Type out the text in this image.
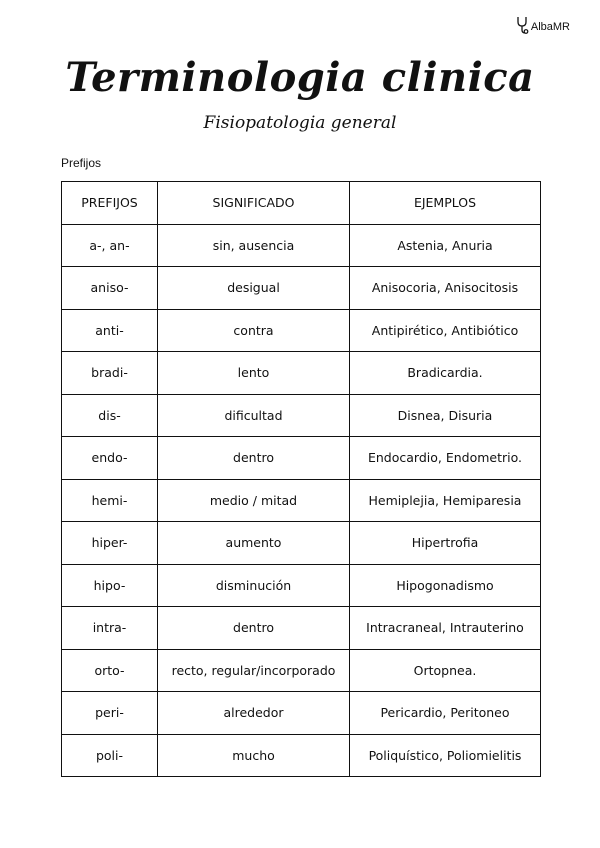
AlbaMR
Terminologia clinica
Fisiopatologia general
Prefijos
PREFIJOS	SIGNIFICADO	EJEMPLOS
a-, an-	sin, ausencia	Astenia, Anuria
aniso-	desigual	Anisocoria, Anisocitosis
anti-	contra	Antipirético, Antibiótico
bradi-	lento	Bradicardia.
dis-	dificultad	Disnea, Disuria
endo-	dentro	Endocardio, Endometrio.
hemi-	medio / mitad	Hemiplejia, Hemiparesia
hiper-	aumento	Hipertrofia
hipo-	disminución	Hipogonadismo
intra-	dentro	Intracraneal, Intrauterino
orto-	recto, regular/incorporado	Ortopnea.
peri-	alrededor	Pericardio, Peritoneo
poli-	mucho	Poliquístico, Poliomielitis
